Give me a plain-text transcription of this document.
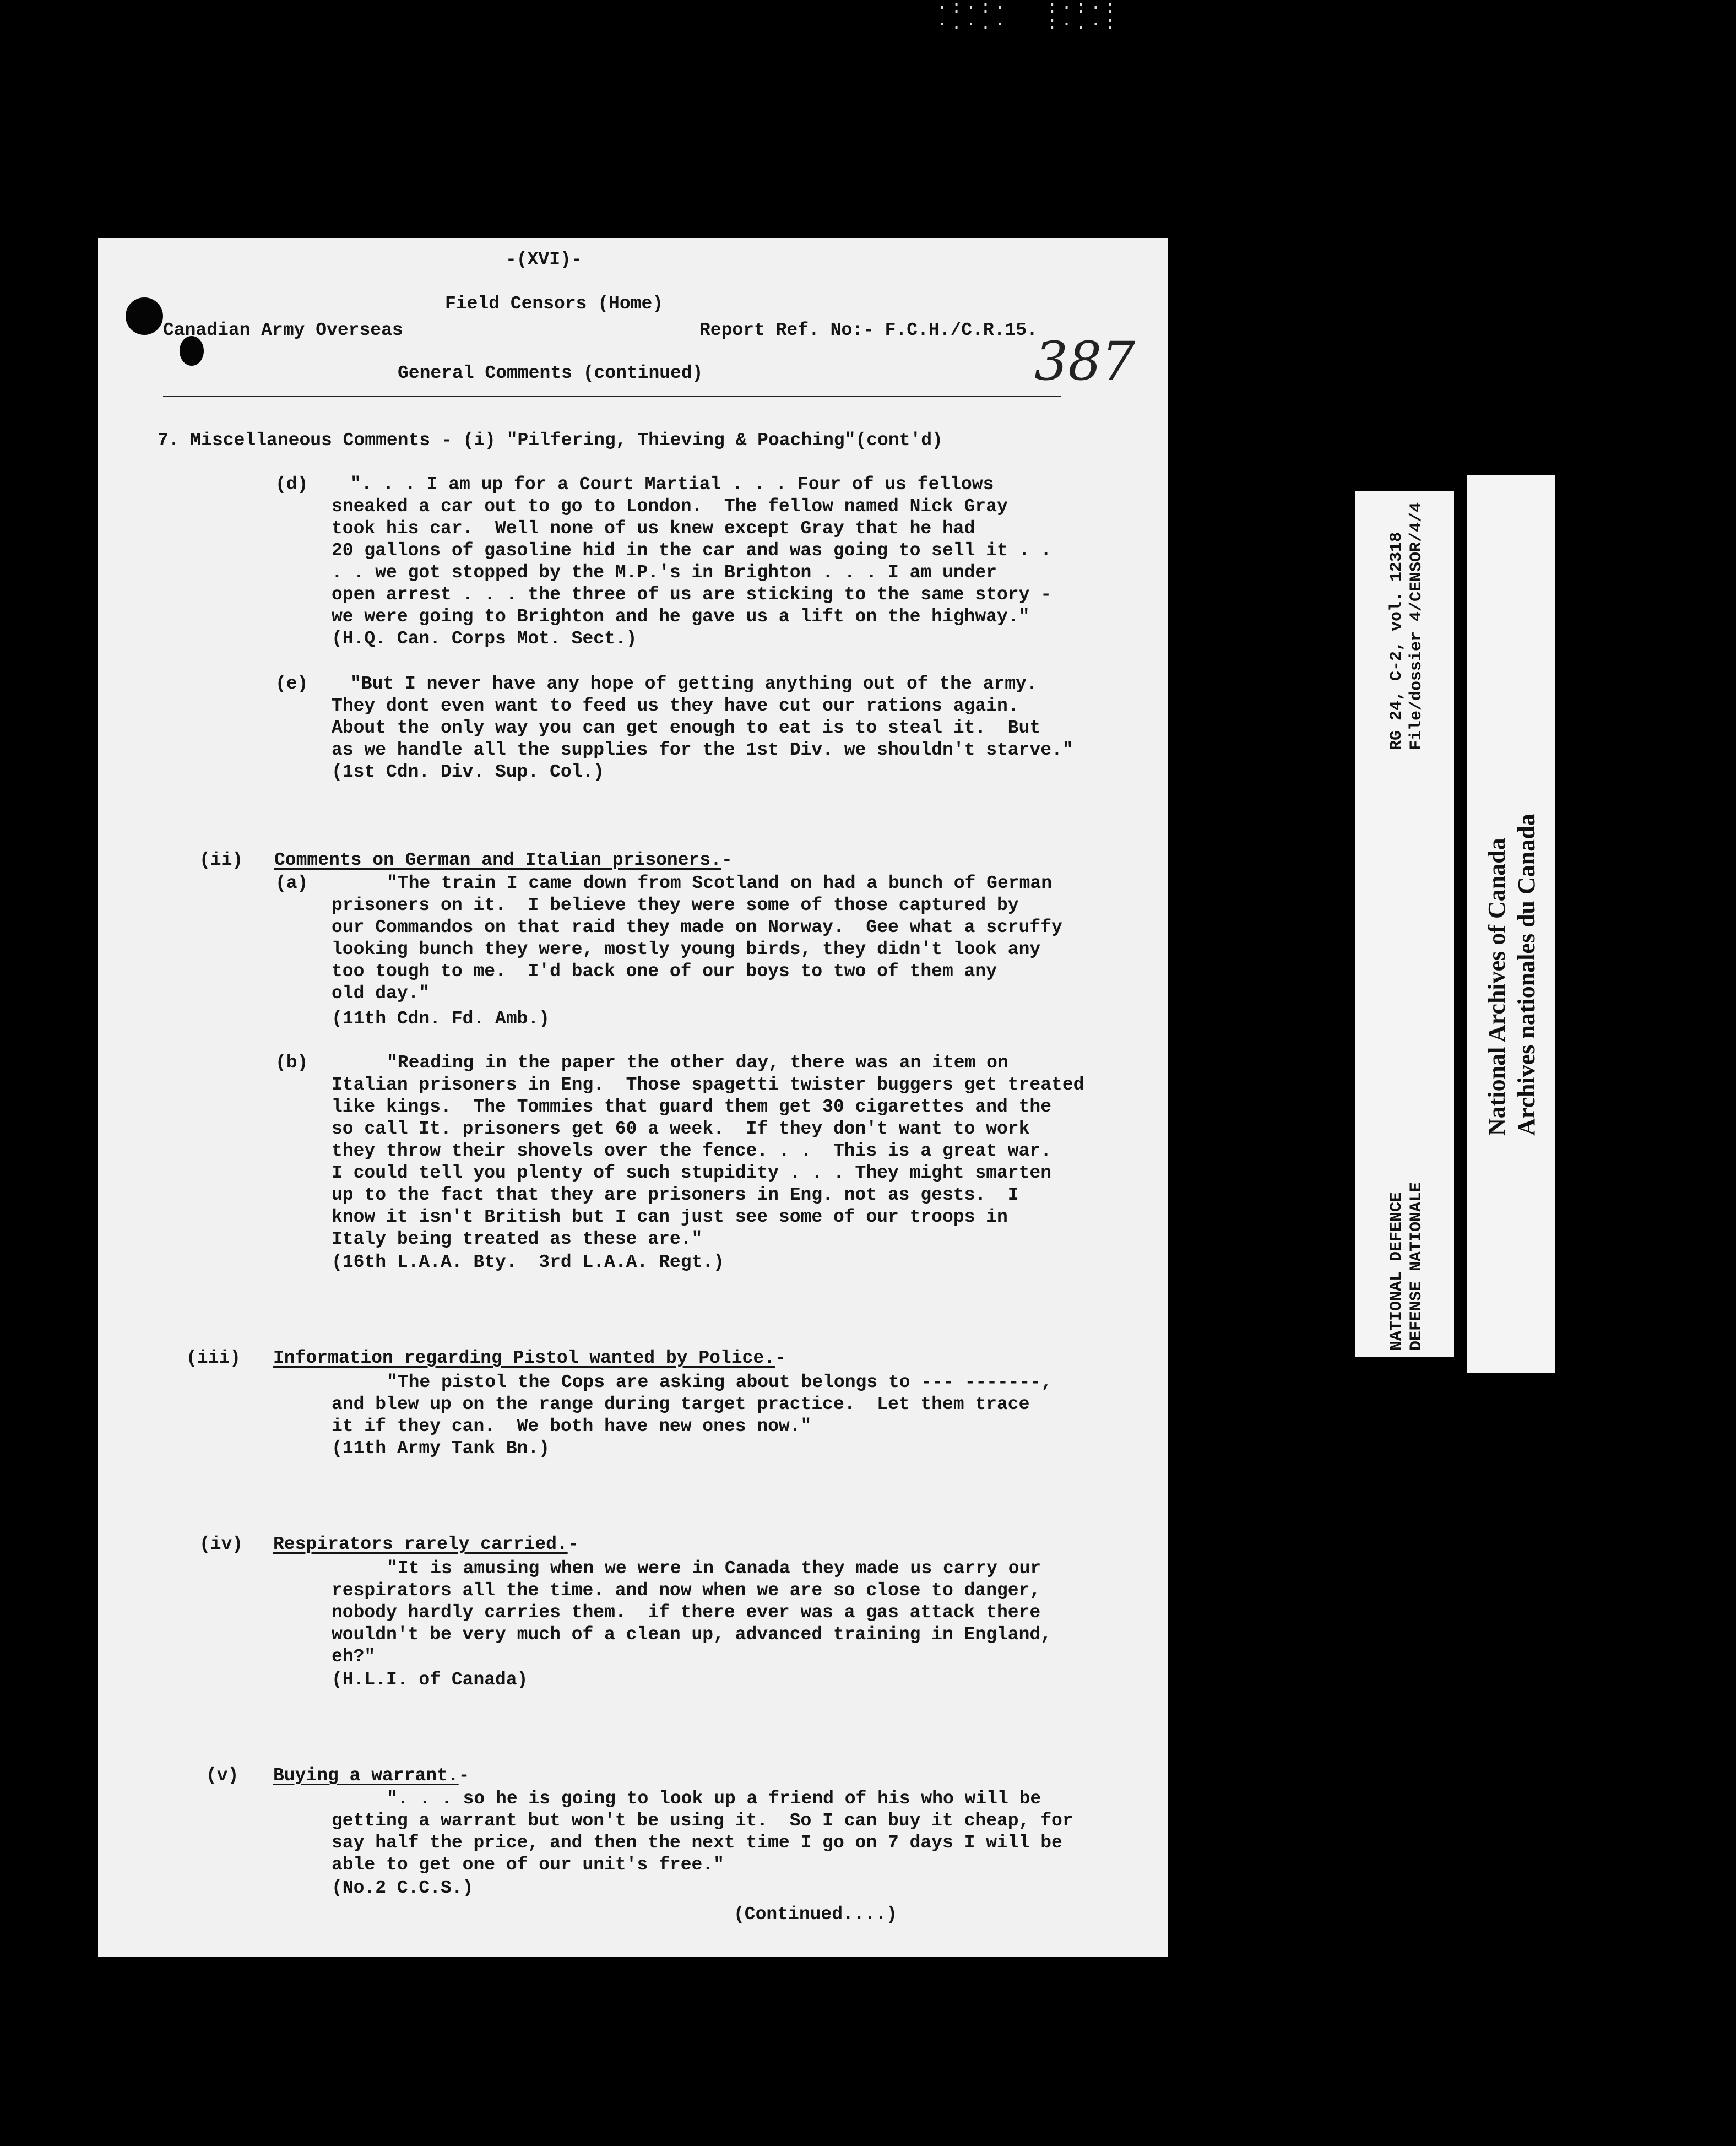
·:·:·
·.·.·
:·:·:
:·.·:
-(XVI)-
Field Censors (Home)
Canadian Army Overseas	Report Ref. No:- F.C.H./C.R.15.
General Comments (continued)	387
7. Miscellaneous Comments - (i) "Pilfering, Thieving & Poaching"(cont'd)
(d) ". . . I am up for a Court Martial . . . Four of us fellows
sneaked a car out to go to London.  The fellow named Nick Gray
took his car.  Well none of us knew except Gray that he had
20 gallons of gasoline hid in the car and was going to sell it . .
. . we got stopped by the M.P.'s in Brighton . . . I am under
open arrest . . . the three of us are sticking to the same story -
we were going to Brighton and he gave us a lift on the highway."
(H.Q. Can. Corps Mot. Sect.)
(e) "But I never have any hope of getting anything out of the army.
They dont even want to feed us they have cut our rations again.
About the only way you can get enough to eat is to steal it.  But
as we handle all the supplies for the 1st Div. we shouldn't starve."
(1st Cdn. Div. Sup. Col.)
(ii) Comments on German and Italian prisoners.-
(a)	"The train I came down from Scotland on had a bunch of German
prisoners on it.  I believe they were some of those captured by
our Commandos on that raid they made on Norway.  Gee what a scruffy
looking bunch they were, mostly young birds, they didn't look any
too tough to me.  I'd back one of our boys to two of them any
old day."
(11th Cdn. Fd. Amb.)
(b)	"Reading in the paper the other day, there was an item on
Italian prisoners in Eng.  Those spagetti twister buggers get treated
like kings.  The Tommies that guard them get 30 cigarettes and the
so call It. prisoners get 60 a week.  If they don't want to work
they throw their shovels over the fence. . .  This is a great war.
I could tell you plenty of such stupidity . . . They might smarten
up to the fact that they are prisoners in Eng. not as gests.  I
know it isn't British but I can just see some of our troops in
Italy being treated as these are."
(16th L.A.A. Bty.  3rd L.A.A. Regt.)
(iii) Information regarding Pistol wanted by Police.-
"The pistol the Cops are asking about belongs to --- -------,
and blew up on the range during target practice.  Let them trace
it if they can.  We both have new ones now."
(11th Army Tank Bn.)
(iv) Respirators rarely carried.-
"It is amusing when we were in Canada they made us carry our
respirators all the time. and now when we are so close to danger,
nobody hardly carries them.  if there ever was a gas attack there
wouldn't be very much of a clean up, advanced training in England,
eh?"
(H.L.I. of Canada)
(v) Buying a warrant.-
". . . so he is going to look up a friend of his who will be
getting a warrant but won't be using it.  So I can buy it cheap, for
say half the price, and then the next time I go on 7 days I will be
able to get one of our unit's free."
(No.2 C.C.S.)
(Continued....)
RG 24, C-2, vol. 12318 File/dossier 4/CENSOR/4/4
NATIONAL DEFENCE DEFENSE NATIONALE
National Archives of Canada Archives nationales du Canada
